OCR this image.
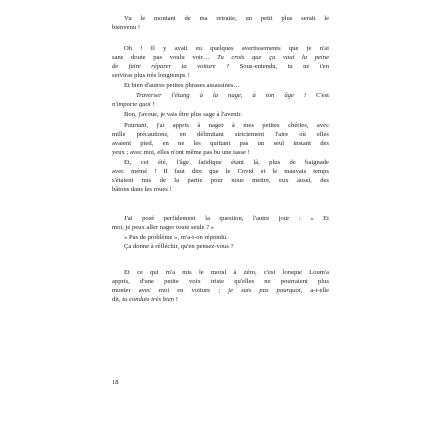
Vu le montant de ma retraite, un petit plus serait le
bienvenu !
Oh ! Il y avait eu quelques avertissements que je n'ai
sans doute pas voulu voir… Tu crois que ça vaut la peine
de faire réparer ta voiture ? Sous-entendu, tu ne t'en
serviras plus très longtemps !
Et bien d'autres petites phrases assassines…
Traverser l'étang à la nage, à ton âge ! C'est
n'importe quoi !
Bon, j'avoue, je vais être plus sage à l'avenir.
Pourtant, j'ai appris à nager à mes petites chéries, avec
mille précautions, en délimitant strictement l'aire où elles
avaient pied, en ne les quittant pas un seul instant des
yeux ; avec moi, elles n'ont même pas bu une tasse !
Et, cet été, l'âge fatidique étant là, plus de baignade
avec mémé ! Il faut dire que le Covid et le mauvais temps
s'étaient mis de la partie pour nous mettre, eux aussi, des
bâtons dans les roues !
J'ai posé perfidement la question, l'autre jour : « Et
moi, je peux aller nager toute seule ? »
« Pas de problème », m'a-t-on répondu.
Ça donne à réfléchir, qu'en pensez-vous ?
Et ce qui m'a mis le moral à zéro, c'est lorsque Loum'a
appris, d'une petite voix triste qu'elles ne pourraient plus
monter avec moi en voiture ; je sais pas pourquoi, a-t-elle
dit, tu conduis très bien !
18
